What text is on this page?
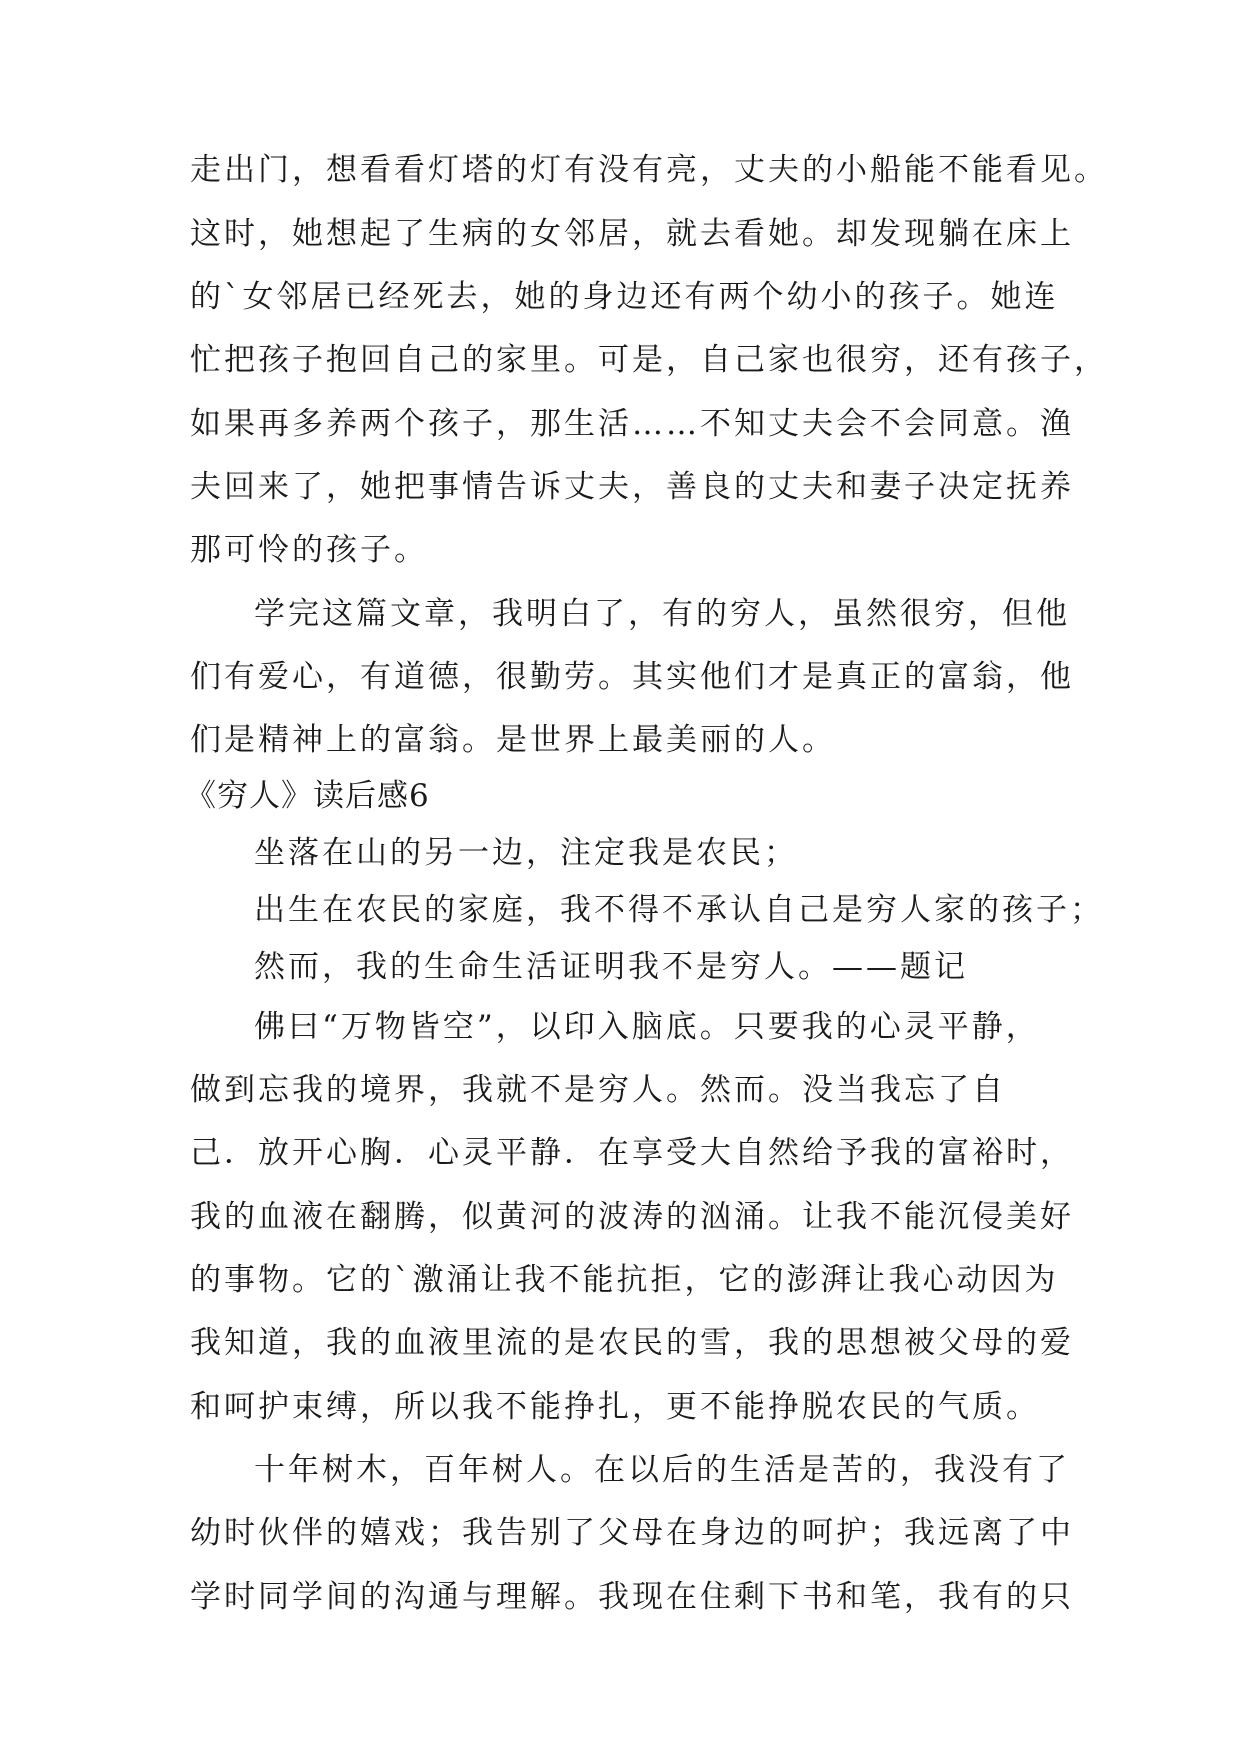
走出门，想看看灯塔的灯有没有亮，丈夫的小船能不能看见。
这时，她想起了生病的女邻居，就去看她。却发现躺在床上
的`女邻居已经死去，她的身边还有两个幼小的孩子。她连
忙把孩子抱回自己的家里。可是，自己家也很穷，还有孩子，
如果再多养两个孩子，那生活……不知丈夫会不会同意。渔
夫回来了，她把事情告诉丈夫，善良的丈夫和妻子决定抚养
那可怜的孩子。
学完这篇文章，我明白了，有的穷人，虽然很穷，但他
们有爱心，有道德，很勤劳。其实他们才是真正的富翁，他
们是精神上的富翁。是世界上最美丽的人。
《穷人》读后感6
坐落在山的另一边，注定我是农民；
出生在农民的家庭，我不得不承认自己是穷人家的孩子；
然而，我的生命生活证明我不是穷人。——题记
佛曰“万物皆空”，以印入脑底。只要我的心灵平静，
做到忘我的境界，我就不是穷人。然而。没当我忘了自
己．放开心胸．心灵平静．在享受大自然给予我的富裕时，
我的血液在翻腾，似黄河的波涛的汹涌。让我不能沉侵美好
的事物。它的`激涌让我不能抗拒，它的澎湃让我心动因为
我知道，我的血液里流的是农民的雪，我的思想被父母的爱
和呵护束缚，所以我不能挣扎，更不能挣脱农民的气质。
十年树木，百年树人。在以后的生活是苦的，我没有了
幼时伙伴的嬉戏；我告别了父母在身边的呵护；我远离了中
学时同学间的沟通与理解。我现在住剩下书和笔，我有的只
